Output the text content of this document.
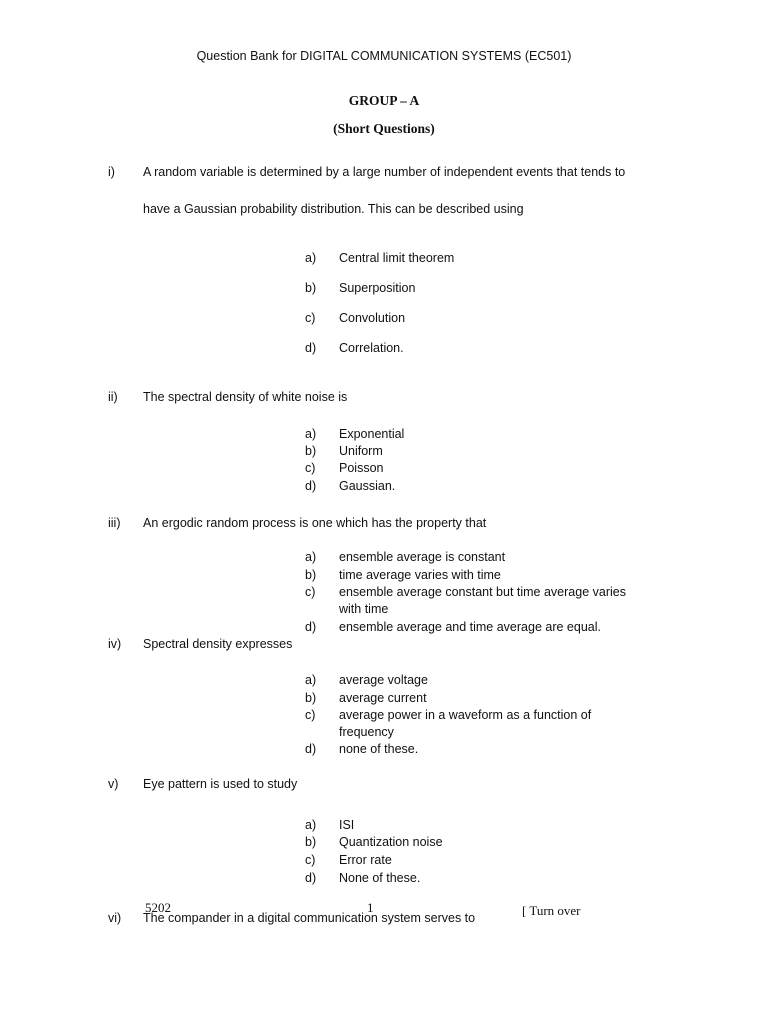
Question Bank for DIGITAL COMMUNICATION SYSTEMS (EC501)
GROUP – A
(Short Questions)
i)	A random variable is determined by a large number of independent events that tends to
have a Gaussian probability distribution. This can be described using
a) Central limit theorem
b) Superposition
c) Convolution
d) Correlation.
ii)	The spectral density of white noise is
a) Exponential
b) Uniform
c) Poisson
d) Gaussian.
iii)	An ergodic random process is one which has the property that
a) ensemble average is constant
b) time average varies with time
c) ensemble average constant but time average varies
with time
d) ensemble average and time average are equal.
iv)	Spectral density expresses
a) average voltage
b) average current
c) average power in a waveform as a function of
frequency
d) none of these.
v)	Eye pattern is used to study
a) ISI
b) Quantization noise
c) Error rate
d) None of these.
5202	1	[ Turn over
vi)	The compander in a digital communication system serves to
